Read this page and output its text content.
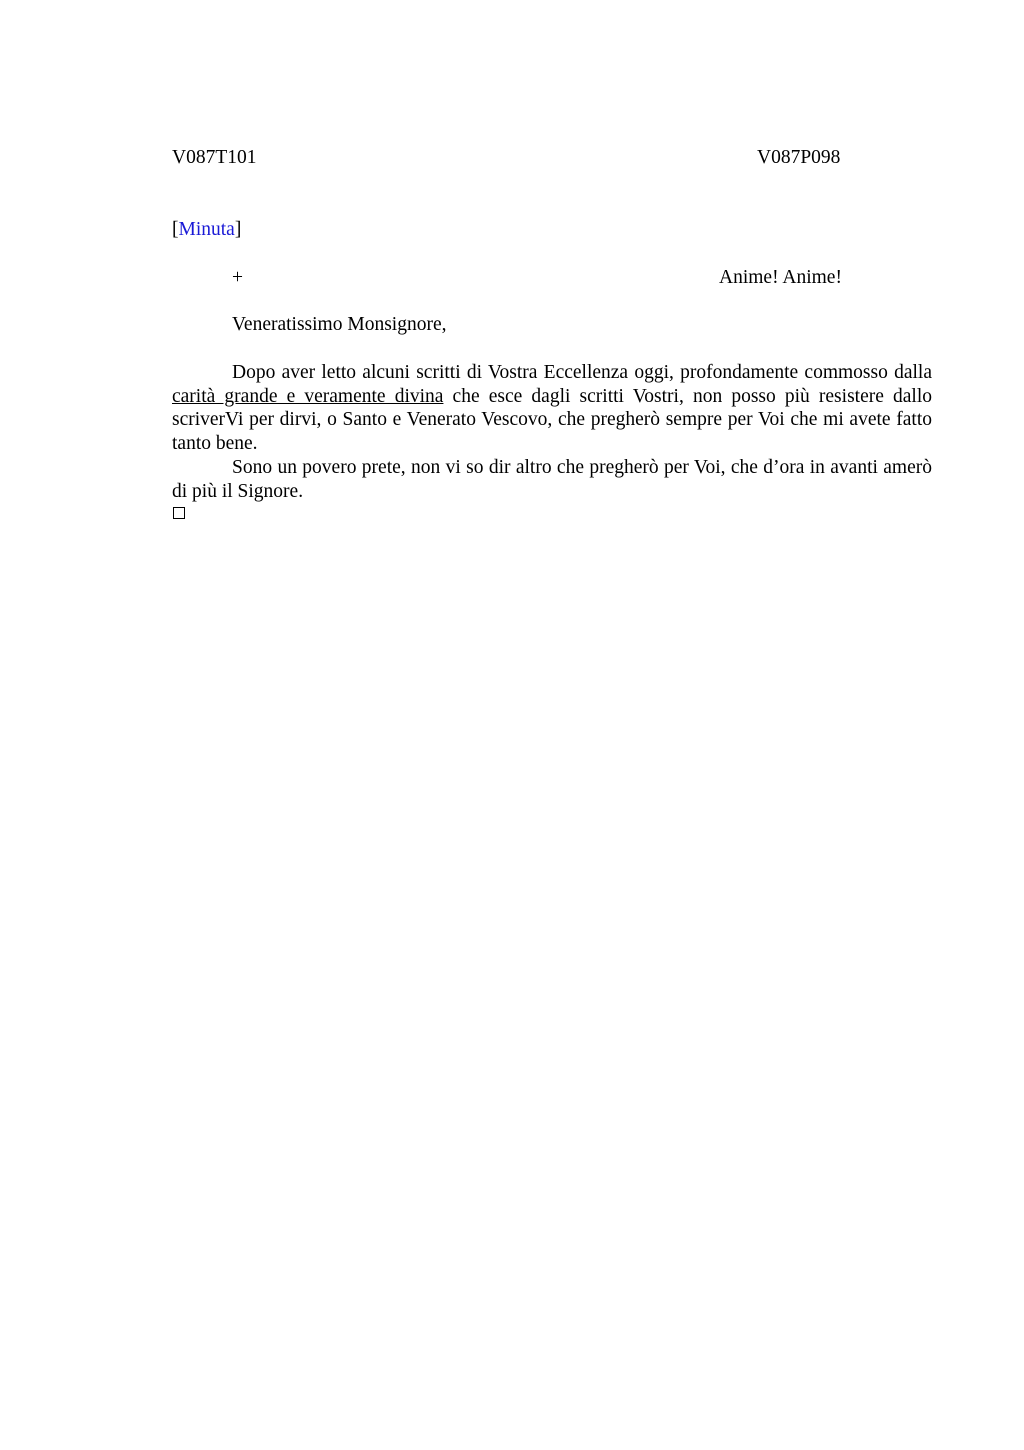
V087T101	V087P098
[Minuta]
+	Anime! Anime!
Veneratissimo Monsignore,

Dopo aver letto alcuni scritti di Vostra Eccellenza oggi, profondamente commosso dalla carità grande e veramente divina che esce dagli scritti Vostri, non posso più resistere dallo scriverVi per dirvi, o Santo e Venerato Vescovo, che pregherò sempre per Voi che mi avete fatto tanto bene.

Sono un povero prete, non vi so dir altro che pregherò per Voi, che d’ora in avanti amerò di più il Signore.
